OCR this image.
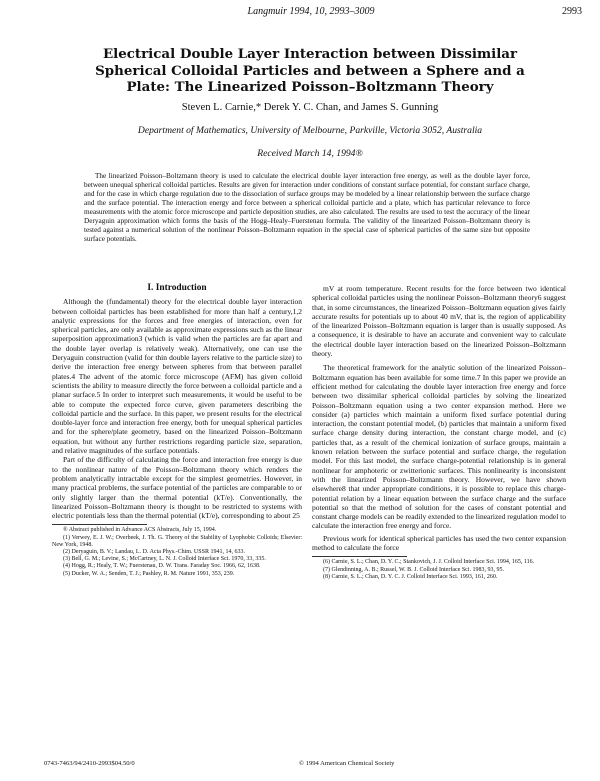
Langmuir 1994, 10, 2993–3009	2993
Electrical Double Layer Interaction between Dissimilar Spherical Colloidal Particles and between a Sphere and a Plate: The Linearized Poisson–Boltzmann Theory
Steven L. Carnie,* Derek Y. C. Chan, and James S. Gunning
Department of Mathematics, University of Melbourne, Parkville, Victoria 3052, Australia
Received March 14, 1994®

The linearized Poisson–Boltzmann theory is used to calculate the electrical double layer interaction free energy, as well as the double layer force, between unequal spherical colloidal particles. Results are given for interaction under conditions of constant surface potential, for constant surface charge, and for the case in which charge regulation due to the dissociation of surface groups may be modeled by a linear relationship between the surface charge and the surface potential. The interaction energy and force between a spherical colloidal particle and a plate, which has particular relevance to force measurements with the atomic force microscope and particle deposition studies, are also calculated. The results are used to test the accuracy of the linear Deryaguin approximation which forms the basis of the Hogg–Healy–Fuerstenau formula. The validity of the linearized Poisson–Boltzmann theory is tested against a numerical solution of the nonlinear Poisson–Boltzmann equation in the special case of spherical particles of the same size but opposite surface potentials.

I. Introduction

Although the (fundamental) theory for the electrical double layer interaction between colloidal particles has been established for more than half a century,1,2 analytic expressions for the forces and free energies of interaction, even for spherical particles, are only available as approximate expressions such as the linear superposition approximation3 (which is valid when the particles are far apart and the double layer overlap is relatively weak). Alternatively, one can use the Deryaguin construction (valid for thin double layers relative to the particle size) to derive the interaction free energy between spheres from that between parallel plates.4 The advent of the atomic force microscope (AFM) has given colloid scientists the ability to measure directly the force between a colloidal particle and a planar surface.5 In order to interpret such measurements, it would be useful to be able to compute the expected force curve, given parameters describing the colloidal particle and the surface. In this paper, we present results for the electrical double-layer force and interaction free energy, both for unequal spherical particles and for the sphere/plate geometry, based on the linearized Poisson–Boltzmann equation, but without any further restrictions regarding particle size, separation, and relative magnitudes of the surface potentials.

Part of the difficulty of calculating the force and interaction free energy is due to the nonlinear nature of the Poisson–Boltzmann theory which renders the problem analytically intractable except for the simplest geometries. However, in many practical problems, the surface potential of the particles are comparable to or only slightly larger than the thermal potential (kT/e). Conventionally, the linearized Poisson–Boltzmann theory is thought to be restricted to systems with electric potentials less than the thermal potential (kT/e), corresponding to about 25

® Abstract published in Advance ACS Abstracts, July 15, 1994.

(1) Verwey, E. J. W.; Overbeek, J. Th. G. Theory of the Stability of Lyophobic Colloids; Elsevier: New York, 1948.

(2) Deryaguin, B. V.; Landau, L. D. Acta Phys.-Chim. USSR 1941, 14, 633.

(3) Bell, G. M.; Levine, S.; McCartney, L. N. J. Colloid Interface Sci. 1970, 33, 335.

(4) Hogg, R.; Healy, T. W.; Fuerstenau, D. W. Trans. Faraday Soc. 1966, 62, 1638.

(5) Ducker, W. A.; Senden, T. J.; Pashley, R. M. Nature 1991, 353, 239.

mV at room temperature. Recent results for the force between two identical spherical colloidal particles using the nonlinear Poisson–Boltzmann theory6 suggest that, in some circumstances, the linearized Poisson–Boltzmann equation gives fairly accurate results for potentials up to about 40 mV, that is, the region of applicability of the linearized Poisson–Boltzmann equation is larger than is usually supposed. As a consequence, it is desirable to have an accurate and convenient way to calculate the electrical double layer interaction based on the linearized Poisson–Boltzmann theory.

The theoretical framework for the analytic solution of the linearized Poisson–Boltzmann equation has been available for some time.7 In this paper we provide an efficient method for calculating the double layer interaction free energy and force between two dissimilar spherical colloidal particles by solving the linearized Poisson–Boltzmann equation using a two center expansion method. Here we consider (a) particles which maintain a uniform fixed surface potential during interaction, the constant potential model, (b) particles that maintain a uniform fixed surface charge density during interaction, the constant charge model, and (c) particles that, as a result of the chemical ionization of surface groups, maintain a known relation between the surface potential and surface charge, the regulation model. For this last model, the surface charge-potential relationship is in general nonlinear for amphoteric or zwitterionic surfaces. This nonlinearity is inconsistent with the linearized Poisson–Boltzmann theory. However, we have shown elsewhere8 that under appropriate conditions, it is possible to replace this charge-potential relation by a linear equation between the surface charge and the surface potential so that the method of solution for the cases of constant potential and constant charge models can be readily extended to the linearized regulation model to calculate the interaction free energy and force.

Previous work for identical spherical particles has used the two center expansion method to calculate the force

(6) Carnie, S. L.; Chan, D. Y. C.; Stankovich, J. J. Colloid Interface Sci. 1994, 165, 116.

(7) Glendinning, A. B.; Russel, W. B. J. Colloid Interface Sci. 1983, 93, 95.

(8) Carnie, S. L.; Chan, D. Y. C. J. Colloid Interface Sci. 1993, 161, 260.

0743-7463/94/2410-2993$04.50/0	© 1994 American Chemical Society
